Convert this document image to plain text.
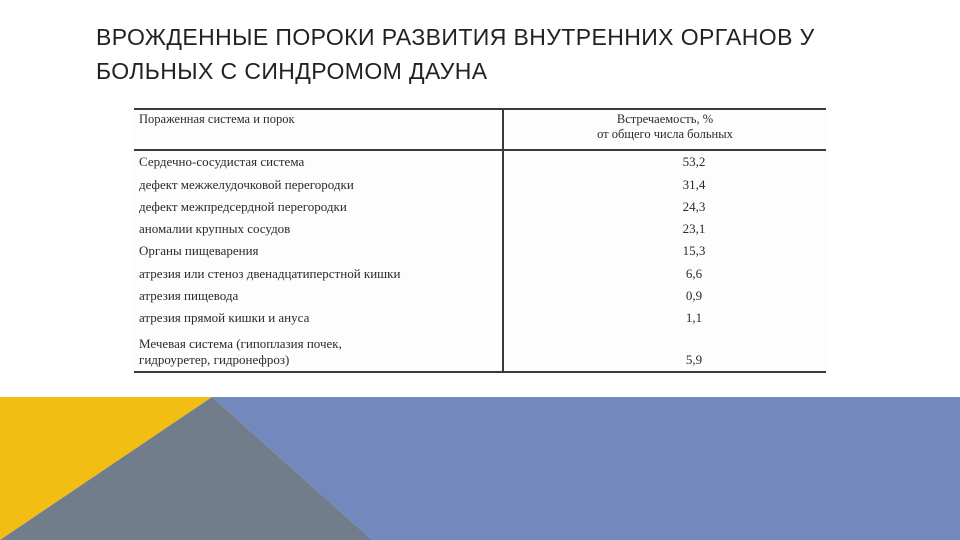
ВРОЖДЕННЫЕ ПОРОКИ РАЗВИТИЯ ВНУТРЕННИХ ОРГАНОВ У
БОЛЬНЫХ С СИНДРОМОМ ДАУНА
Пораженная система и порок	Встречаемость, %
от общего числа больных
Сердечно-сосудистая система	53,2
дефект межжелудочковой перегородки	31,4
дефект межпредсердной перегородки	24,3
аномалии крупных сосудов	23,1
Органы пищеварения	15,3
атрезия или стеноз двенадцатиперстной кишки	6,6
атрезия пищевода	0,9
атрезия прямой кишки и ануса	1,1
Мечевая система (гипоплазия почек,
гидроуретер, гидронефроз)	5,9
